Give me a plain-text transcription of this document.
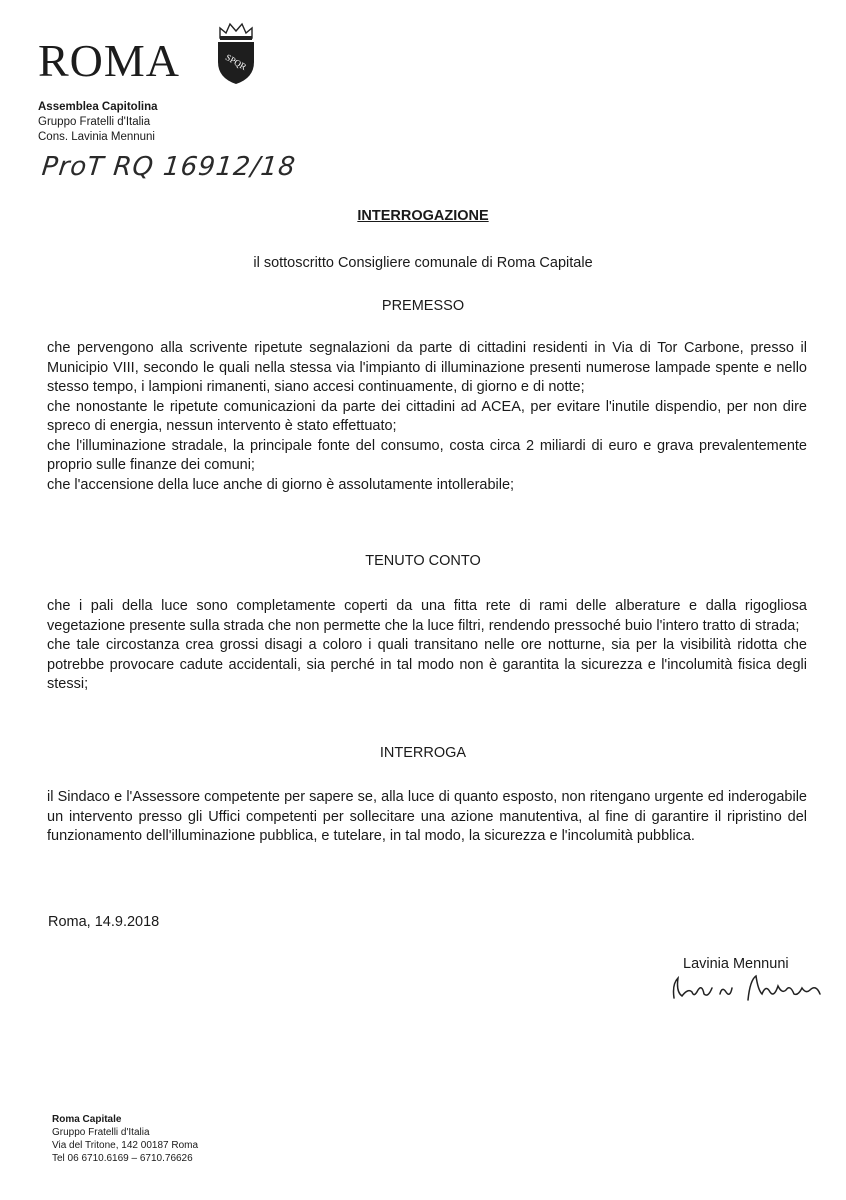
ROMA	SPQR
Assemblea Capitolina
Gruppo Fratelli d'Italia
Cons. Lavinia Mennuni
ProT RQ 16912/18
INTERROGAZIONE
il sottoscritto Consigliere comunale di Roma Capitale
PREMESSO

che pervengono alla scrivente ripetute segnalazioni da parte di cittadini residenti in Via di Tor Carbone, presso il Municipio VIII, secondo le quali nella stessa via l'impianto di illuminazione presenti numerose lampade spente e nello stesso tempo, i lampioni rimanenti, siano accesi continuamente, di giorno e di notte;

che nonostante le ripetute comunicazioni da parte dei cittadini ad ACEA, per evitare l'inutile dispendio, per non dire spreco di energia, nessun intervento è stato effettuato;

che l'illuminazione stradale, la principale fonte del consumo, costa circa 2 miliardi di euro e grava prevalentemente proprio sulle finanze dei comuni;

che l'accensione della luce anche di giorno è assolutamente intollerabile;

TENUTO CONTO

che i pali della luce sono completamente coperti da una fitta rete di rami delle alberature e dalla rigogliosa vegetazione presente sulla strada che non permette che la luce filtri, rendendo pressoché buio l'intero tratto di strada;

che tale circostanza crea grossi disagi a coloro i quali transitano nelle ore notturne, sia per la visibilità ridotta che potrebbe provocare cadute accidentali, sia perché in tal modo non è garantita la sicurezza e l'incolumità fisica degli stessi;

INTERROGA

il Sindaco e l'Assessore competente per sapere se, alla luce di quanto esposto, non ritengano urgente ed inderogabile un intervento presso gli Uffici competenti per sollecitare una azione manutentiva, al fine di garantire il ripristino del funzionamento dell'illuminazione pubblica, e tutelare, in tal modo, la sicurezza e l'incolumità pubblica.

Roma, 14.9.2018
Lavinia Mennuni
Roma Capitale
Gruppo Fratelli d'Italia
Via del Tritone, 142 00187 Roma
Tel 06 6710.6169 – 6710.76626
